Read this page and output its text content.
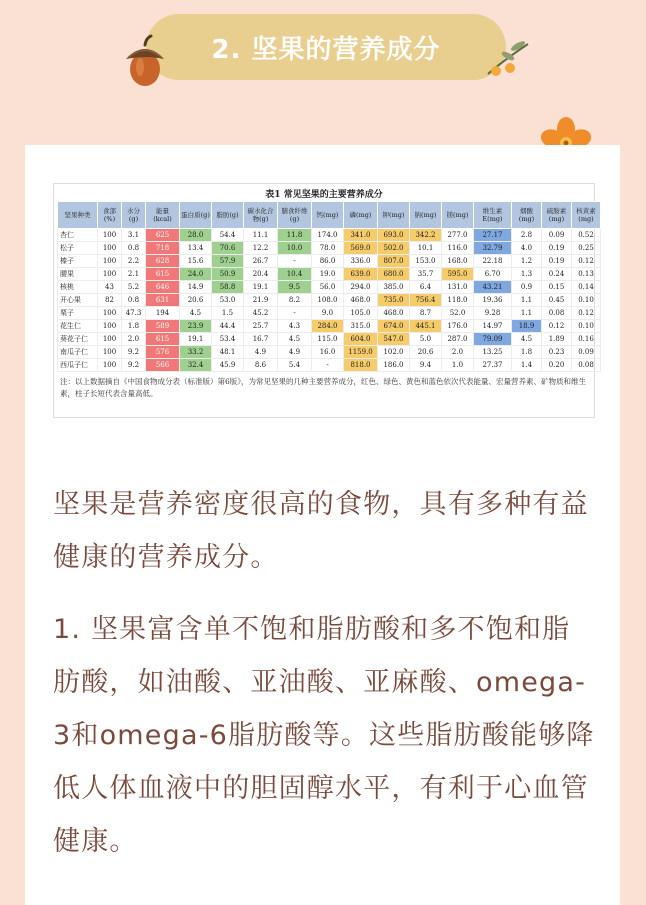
2. 坚果的营养成分
表1 常见坚果的主要营养成分
坚果种类	食部(%)	水分(g)	能量(kcal)	蛋白质(g)	脂肪(g)	碳水化合物(g)	膳食纤维(g)	钙(mg)	磷(mg)	钾(mg)	钠(mg)	镁(mg)	维生素E(mg)	烟酸(mg)	硫胺素(mg)	核黄素(mg)
杏仁	100	3.1	625	28.0	54.4	11.1	11.8	174.0	341.0	693.0	342.2	277.0	27.17	2.8	0.09	0.52
松子	100	0.8	718	13.4	70.6	12.2	10.0	78.0	569.0	502.0	10.1	116.0	32.79	4.0	0.19	0.25
榛子	100	2.2	628	15.6	57.9	26.7	-	86.0	336.0	807.0	153.0	168.0	22.18	1.2	0.19	0.12
腰果	100	2.1	615	24.0	50.9	20.4	10.4	19.0	639.0	680.0	35.7	595.0	6.70	1.3	0.24	0.13
核桃	43	5.2	646	14.9	58.8	19.1	9.5	56.0	294.0	385.0	6.4	131.0	43.21	0.9	0.15	0.14
开心果	82	0.8	631	20.6	53.0	21.9	8.2	108.0	468.0	735.0	756.4	118.0	19.36	1.1	0.45	0.10
栗子	100	47.3	194	4.5	1.5	45.2	-	9.0	105.0	468.0	8.7	52.0	9.28	1.1	0.08	0.12
花生仁	100	1.8	589	23.9	44.4	25.7	4.3	284.0	315.0	674.0	445.1	176.0	14.97	18.9	0.12	0.10
葵花子仁	100	2.0	615	19.1	53.4	16.7	4.5	115.0	604.0	547.0	5.0	287.0	79.09	4.5	1.89	0.16
南瓜子仁	100	9.2	576	33.2	48.1	4.9	4.9	16.0	1159.0	102.0	20.6	2.0	13.25	1.8	0.23	0.09
西瓜子仁	100	9.2	566	32.4	45.9	8.6	5.4	-	818.0	186.0	9.4	1.0	27.37	1.4	0.20	0.08
注：以上数据摘自《中国食物成分表（标准版）第6版》，为常见坚果的几种主要营养成分，红色、绿色、黄色和蓝色依次代表能量、宏量营养素、矿物质和维生素，柱子长短代表含量高低。

坚果是营养密度很高的食物，具有多种有益健康的营养成分。

1. 坚果富含单不饱和脂肪酸和多不饱和脂肪酸，如油酸、亚油酸、亚麻酸、omega-3和omega-6脂肪酸等。这些脂肪酸能够降低人体血液中的胆固醇水平，有利于心血管健康。
